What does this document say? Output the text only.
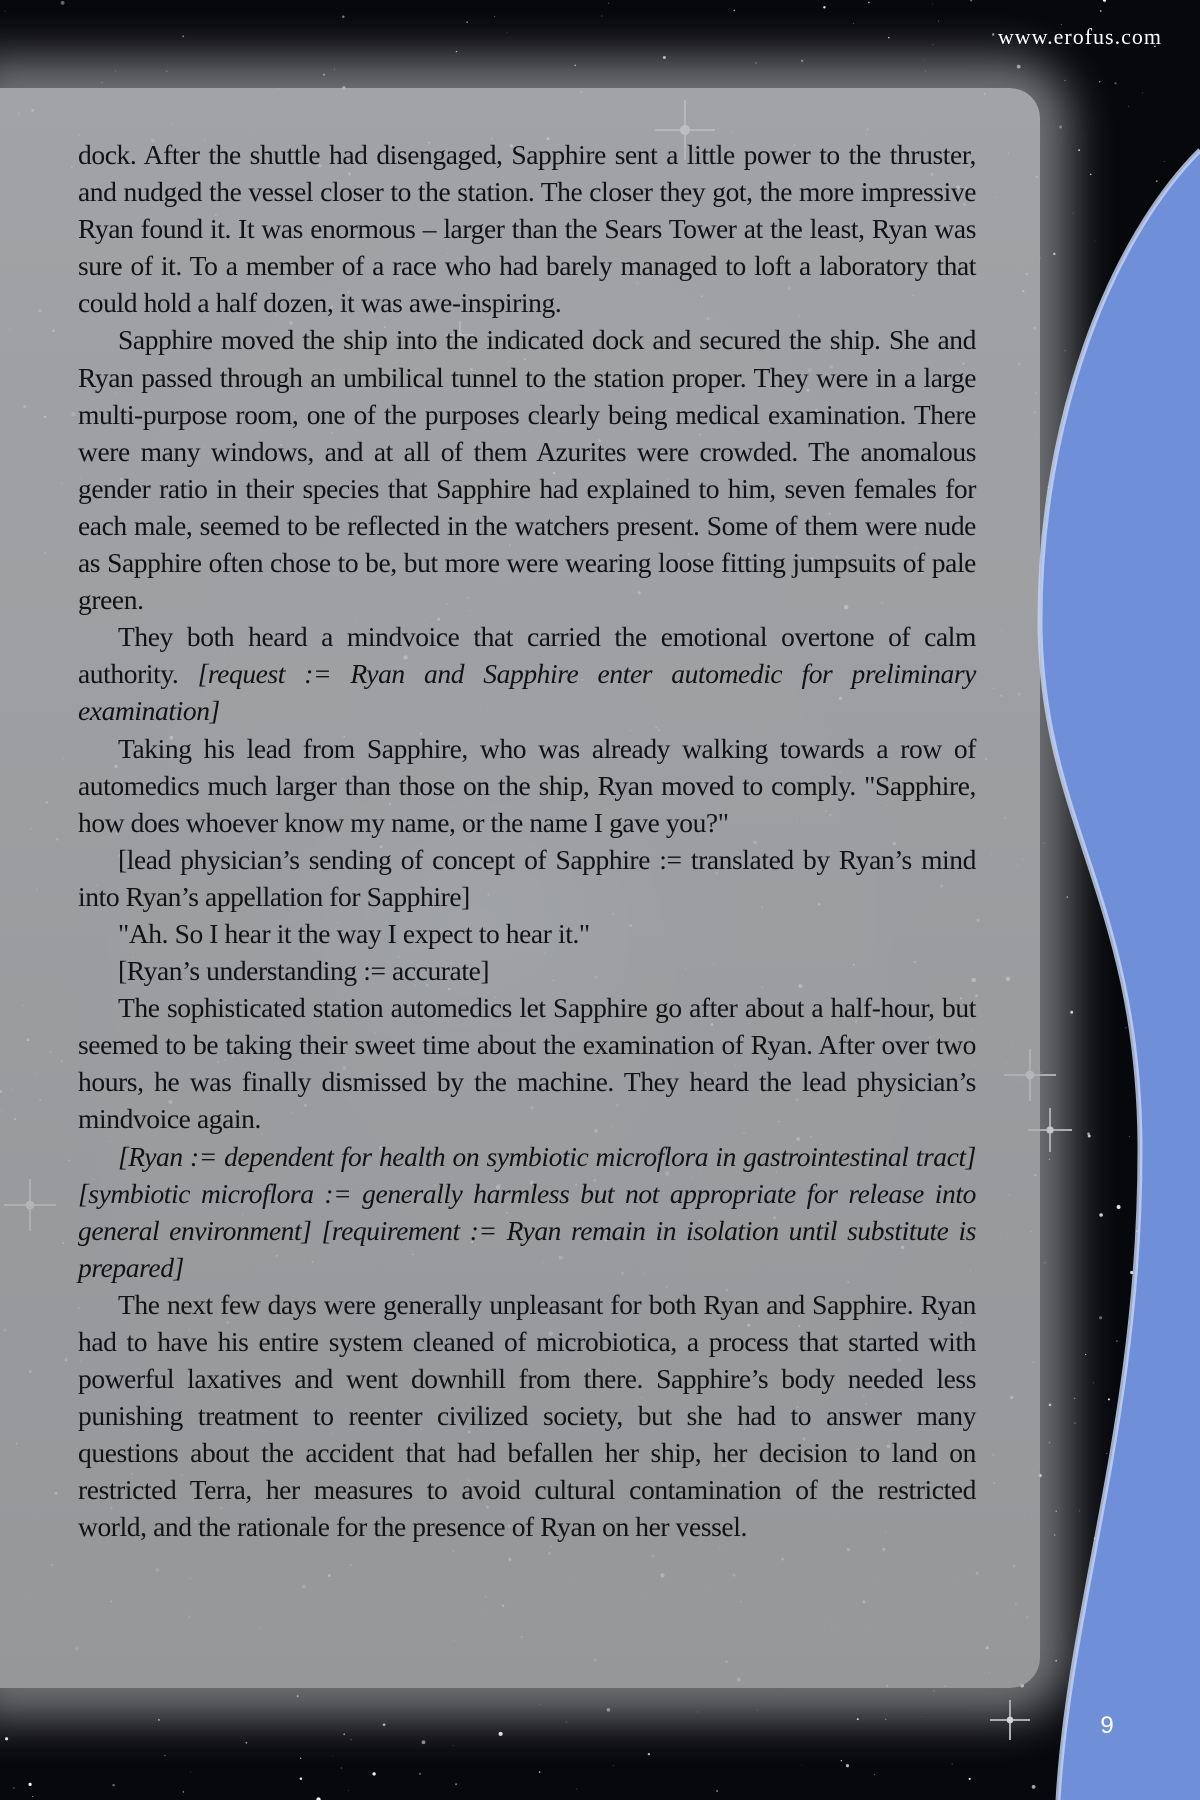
www.erofus.com

dock. After the shuttle had disengaged, Sapphire sent a little power to the thruster, and nudged the vessel closer to the station. The closer they got, the more impressive Ryan found it. It was enormous – larger than the Sears Tower at the least, Ryan was sure of it. To a member of a race who had barely managed to loft a laboratory that could hold a half dozen, it was awe-inspiring.

Sapphire moved the ship into the indicated dock and secured the ship. She and Ryan passed through an umbilical tunnel to the station proper. They were in a large multi-purpose room, one of the purposes clearly being medical examination. There were many windows, and at all of them Azurites were crowded. The anomalous gender ratio in their species that Sapphire had explained to him, seven females for each male, seemed to be reflected in the watchers present. Some of them were nude as Sapphire often chose to be, but more were wearing loose fitting jumpsuits of pale green.

They both heard a mindvoice that carried the emotional overtone of calm authority. [request := Ryan and Sapphire enter automedic for preliminary examination]

Taking his lead from Sapphire, who was already walking towards a row of automedics much larger than those on the ship, Ryan moved to comply. "Sapphire, how does whoever know my name, or the name I gave you?"

[lead physician’s sending of concept of Sapphire := translated by Ryan’s mind into Ryan’s appellation for Sapphire]

"Ah. So I hear it the way I expect to hear it."

[Ryan’s understanding := accurate]

The sophisticated station automedics let Sapphire go after about a half-hour, but seemed to be taking their sweet time about the examination of Ryan. After over two hours, he was finally dismissed by the machine. They heard the lead physician’s mindvoice again.

[Ryan := dependent for health on symbiotic microflora in gastrointestinal tract] [symbiotic microflora := generally harmless but not appropriate for release into general environment] [requirement := Ryan remain in isolation until substitute is prepared]

The next few days were generally unpleasant for both Ryan and Sapphire. Ryan had to have his entire system cleaned of microbiotica, a process that started with powerful laxatives and went downhill from there. Sapphire’s body needed less punishing treatment to reenter civilized society, but she had to answer many questions about the accident that had befallen her ship, her decision to land on restricted Terra, her measures to avoid cultural contamination of the restricted world, and the rationale for the presence of Ryan on her vessel.

9
